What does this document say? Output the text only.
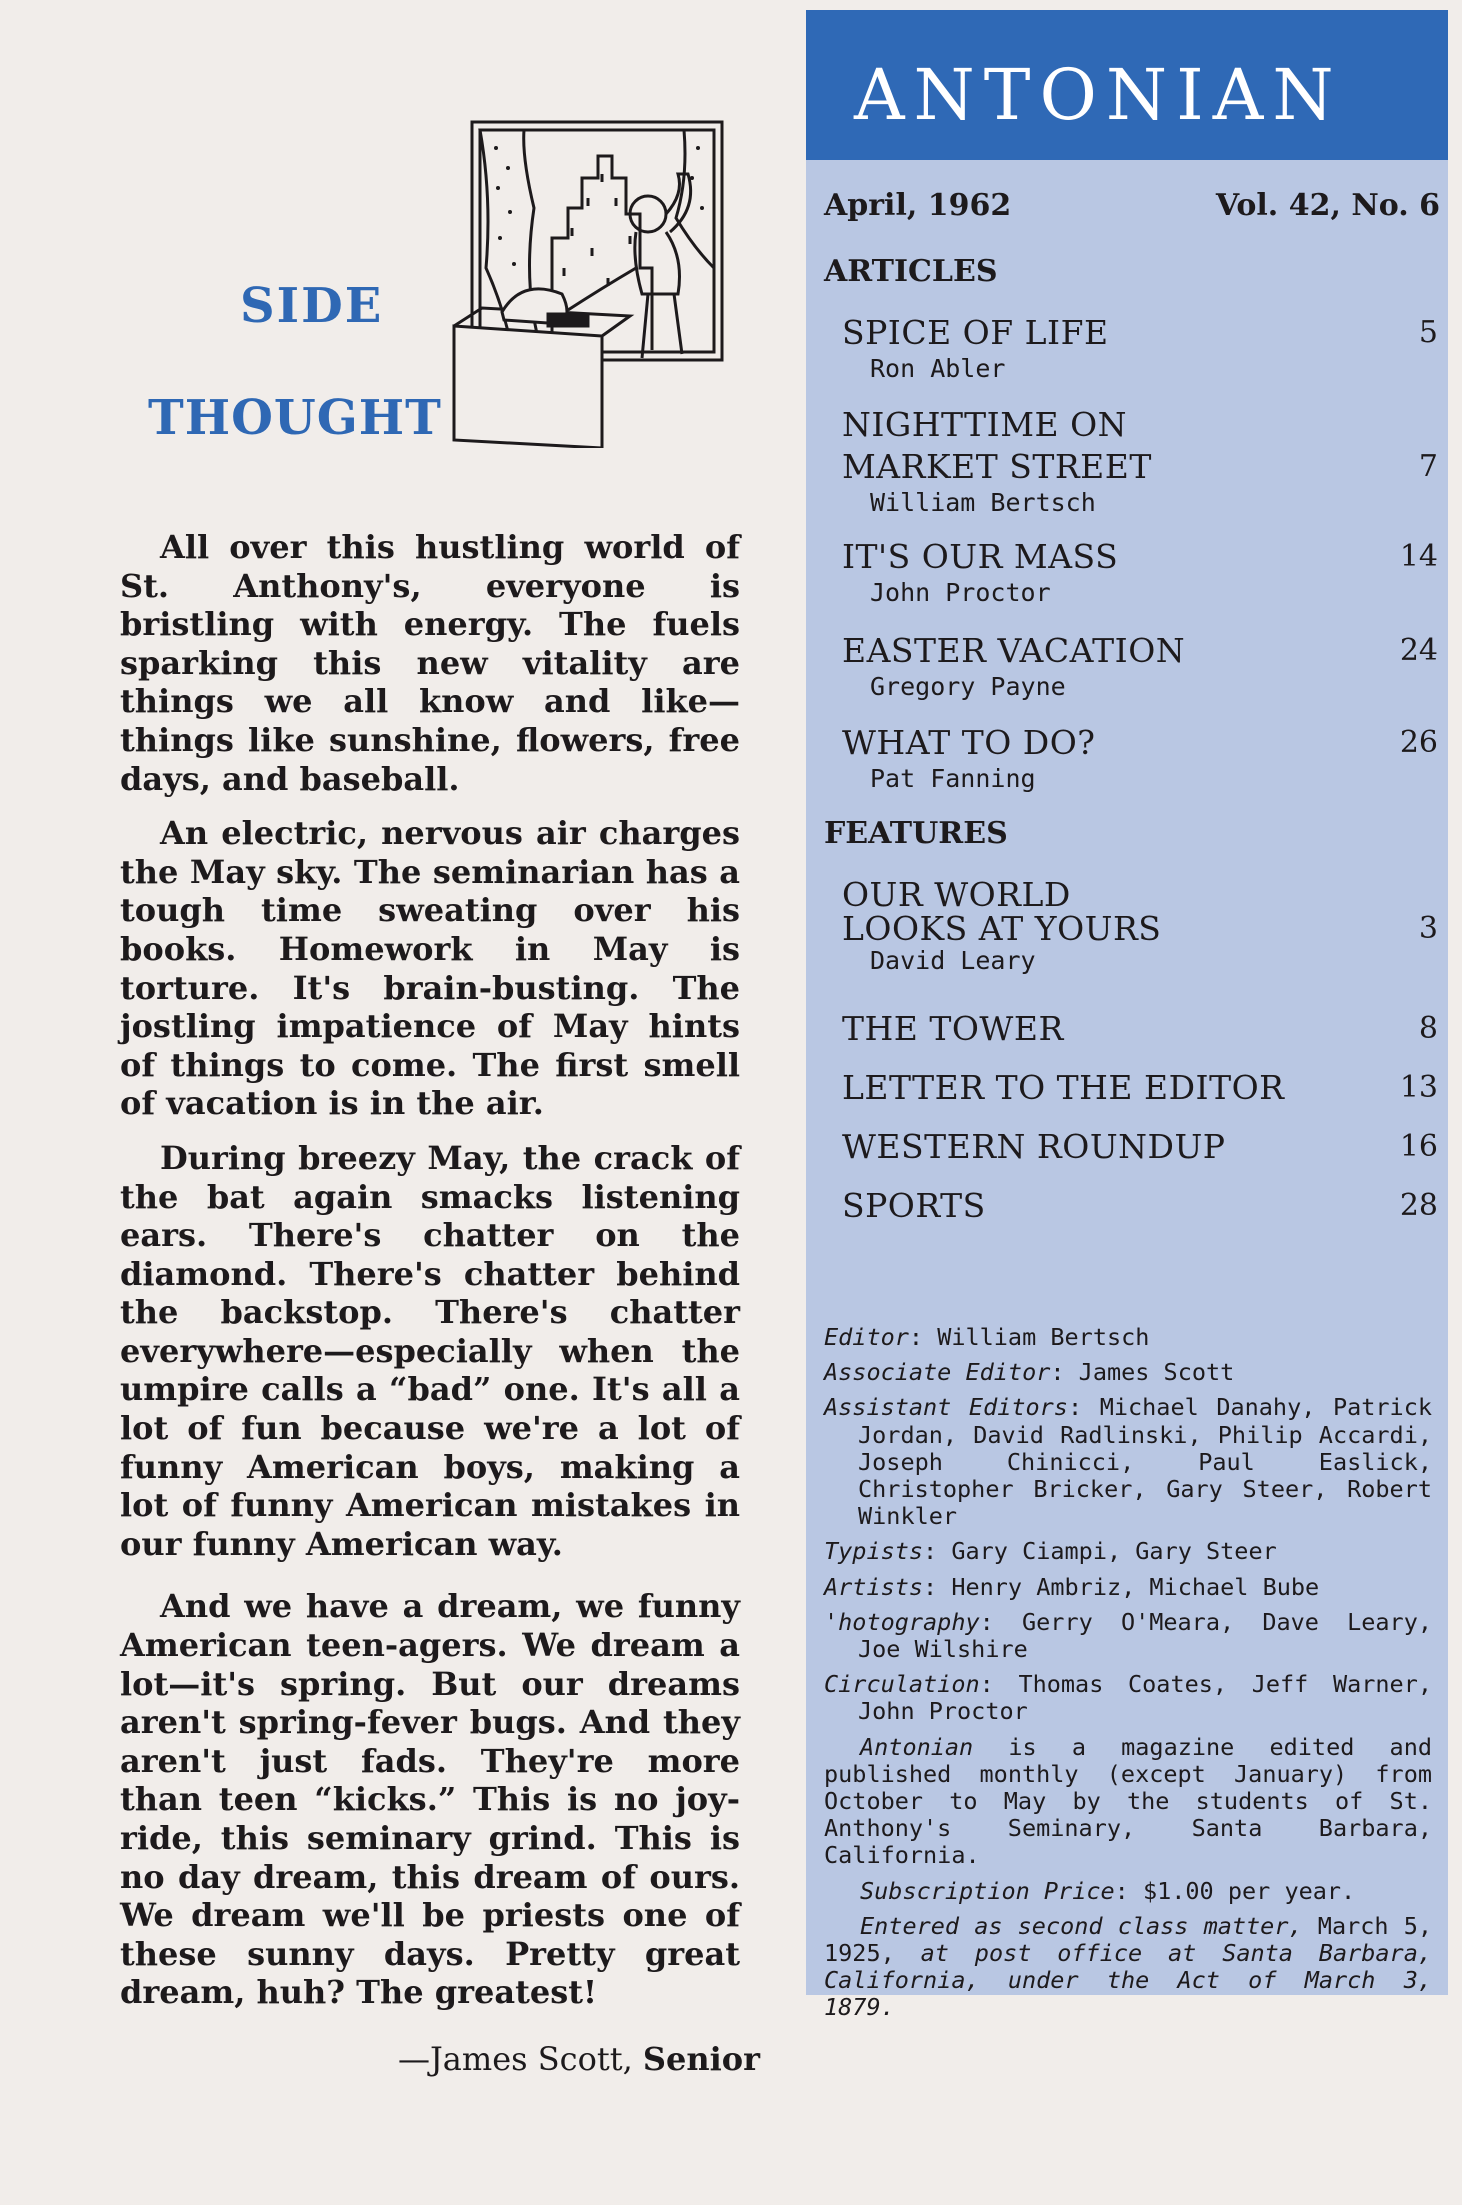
SIDE
THOUGHT

All over this hustling world of St. Anthony's, everyone is bristling with energy. The fuels sparking this new vitality are things we all know and like—things like sunshine, flowers, free days, and baseball.

An electric, nervous air charges the May sky. The seminarian has a tough time sweating over his books. Homework in May is torture. It's brain-busting. The jostling impatience of May hints of things to come. The first smell of vacation is in the air.

During breezy May, the crack of the bat again smacks listening ears. There's chatter on the diamond. There's chatter behind the backstop. There's chatter everywhere—especially when the umpire calls a “bad” one. It's all a lot of fun because we're a lot of funny American boys, making a lot of funny American mistakes in our funny American way.

And we have a dream, we funny American teen-agers. We dream a lot—it's spring. But our dreams aren't spring-fever bugs. And they aren't just fads. They're more than teen “kicks.” This is no joy-ride, this seminary grind. This is no day dream, this dream of ours. We dream we'll be priests one of these sunny days. Pretty great dream, huh? The greatest!

—James Scott, Senior
ANTONIAN
April, 1962	Vol. 42, No. 6
ARTICLES
SPICE OF LIFE	5
Ron Abler
NIGHTTIME ON
MARKET STREET	7
William Bertsch
IT'S OUR MASS	14
John Proctor
EASTER VACATION	24
Gregory Payne
WHAT TO DO?	26
Pat Fanning
FEATURES
OUR WORLD
LOOKS AT YOURS	3
David Leary
THE TOWER	8
LETTER TO THE EDITOR	13
WESTERN ROUNDUP	16
SPORTS	28

Editor: William Bertsch

Associate Editor: James Scott

Assistant Editors: Michael Danahy, Patrick Jordan, David Radlinski, Philip Accardi, Joseph Chinicci, Paul Easlick, Christopher Bricker, Gary Steer, Robert Winkler

Typists: Gary Ciampi, Gary Steer

Artists: Henry Ambriz, Michael Bube

'hotography: Gerry O'Meara, Dave Leary, Joe Wilshire

Circulation: Thomas Coates, Jeff Warner, John Proctor

Antonian is a magazine edited and published monthly (except January) from October to May by the students of St. Anthony's Seminary, Santa Barbara, California.

Subscription Price: $1.00 per year.

Entered as second class matter, March 5, 1925, at post office at Santa Barbara, California, under the Act of March 3, 1879.
